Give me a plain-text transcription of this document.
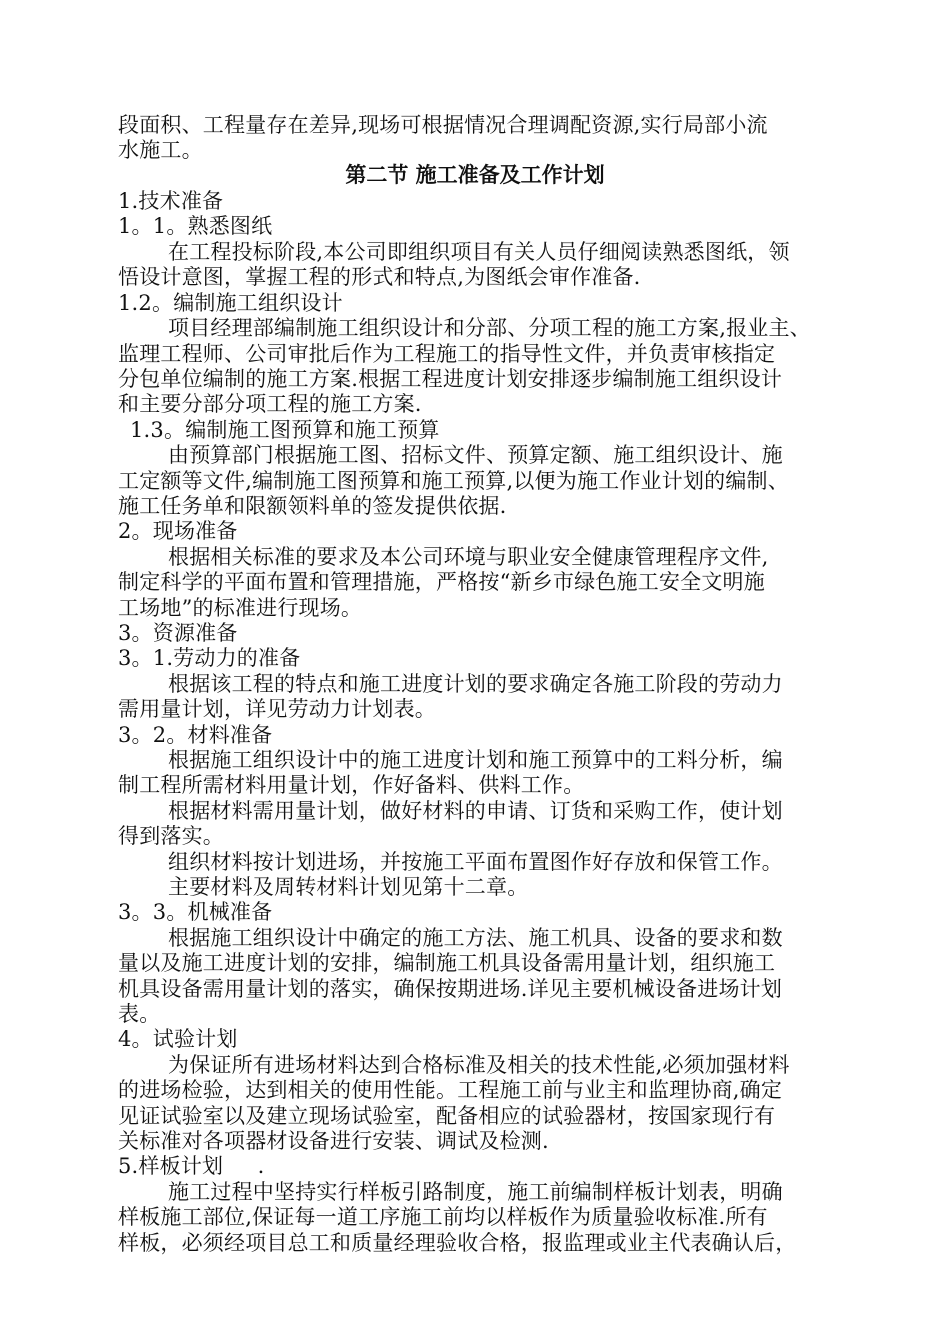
段面积、工程量存在差异,现场可根据情况合理调配资源,实行局部小流
水施工。
第二节 施工准备及工作计划
1.技术准备
1。1。熟悉图纸
在工程投标阶段,本公司即组织项目有关人员仔细阅读熟悉图纸，领
悟设计意图，掌握工程的形式和特点,为图纸会审作准备.
1.2。编制施工组织设计
项目经理部编制施工组织设计和分部、分项工程的施工方案,报业主、
监理工程师、公司审批后作为工程施工的指导性文件，并负责审核指定
分包单位编制的施工方案.根据工程进度计划安排逐步编制施工组织设计
和主要分部分项工程的施工方案.
1.3。编制施工图预算和施工预算
由预算部门根据施工图、招标文件、预算定额、施工组织设计、施
工定额等文件,编制施工图预算和施工预算,以便为施工作业计划的编制、
施工任务单和限额领料单的签发提供依据.
2。现场准备
根据相关标准的要求及本公司环境与职业安全健康管理程序文件,
制定科学的平面布置和管理措施，严格按“新乡市绿色施工安全文明施
工场地”的标准进行现场。
3。资源准备
3。1.劳动力的准备
根据该工程的特点和施工进度计划的要求确定各施工阶段的劳动力
需用量计划，详见劳动力计划表。
3。2。材料准备
根据施工组织设计中的施工进度计划和施工预算中的工料分析，编
制工程所需材料用量计划，作好备料、供料工作。
根据材料需用量计划，做好材料的申请、订货和采购工作，使计划
得到落实。
组织材料按计划进场，并按施工平面布置图作好存放和保管工作。
主要材料及周转材料计划见第十二章。
3。3。机械准备
根据施工组织设计中确定的施工方法、施工机具、设备的要求和数
量以及施工进度计划的安排，编制施工机具设备需用量计划，组织施工
机具设备需用量计划的落实，确保按期进场.详见主要机械设备进场计划
表。
4。试验计划
为保证所有进场材料达到合格标准及相关的技术性能,必须加强材料
的进场检验，达到相关的使用性能。工程施工前与业主和监理协商,确定
见证试验室以及建立现场试验室，配备相应的试验器材，按国家现行有
关标准对各项器材设备进行安装、调试及检测.
5.样板计划     .
施工过程中坚持实行样板引路制度，施工前编制样板计划表，明确
样板施工部位,保证每一道工序施工前均以样板作为质量验收标准.所有
样板，必须经项目总工和质量经理验收合格，报监理或业主代表确认后，
